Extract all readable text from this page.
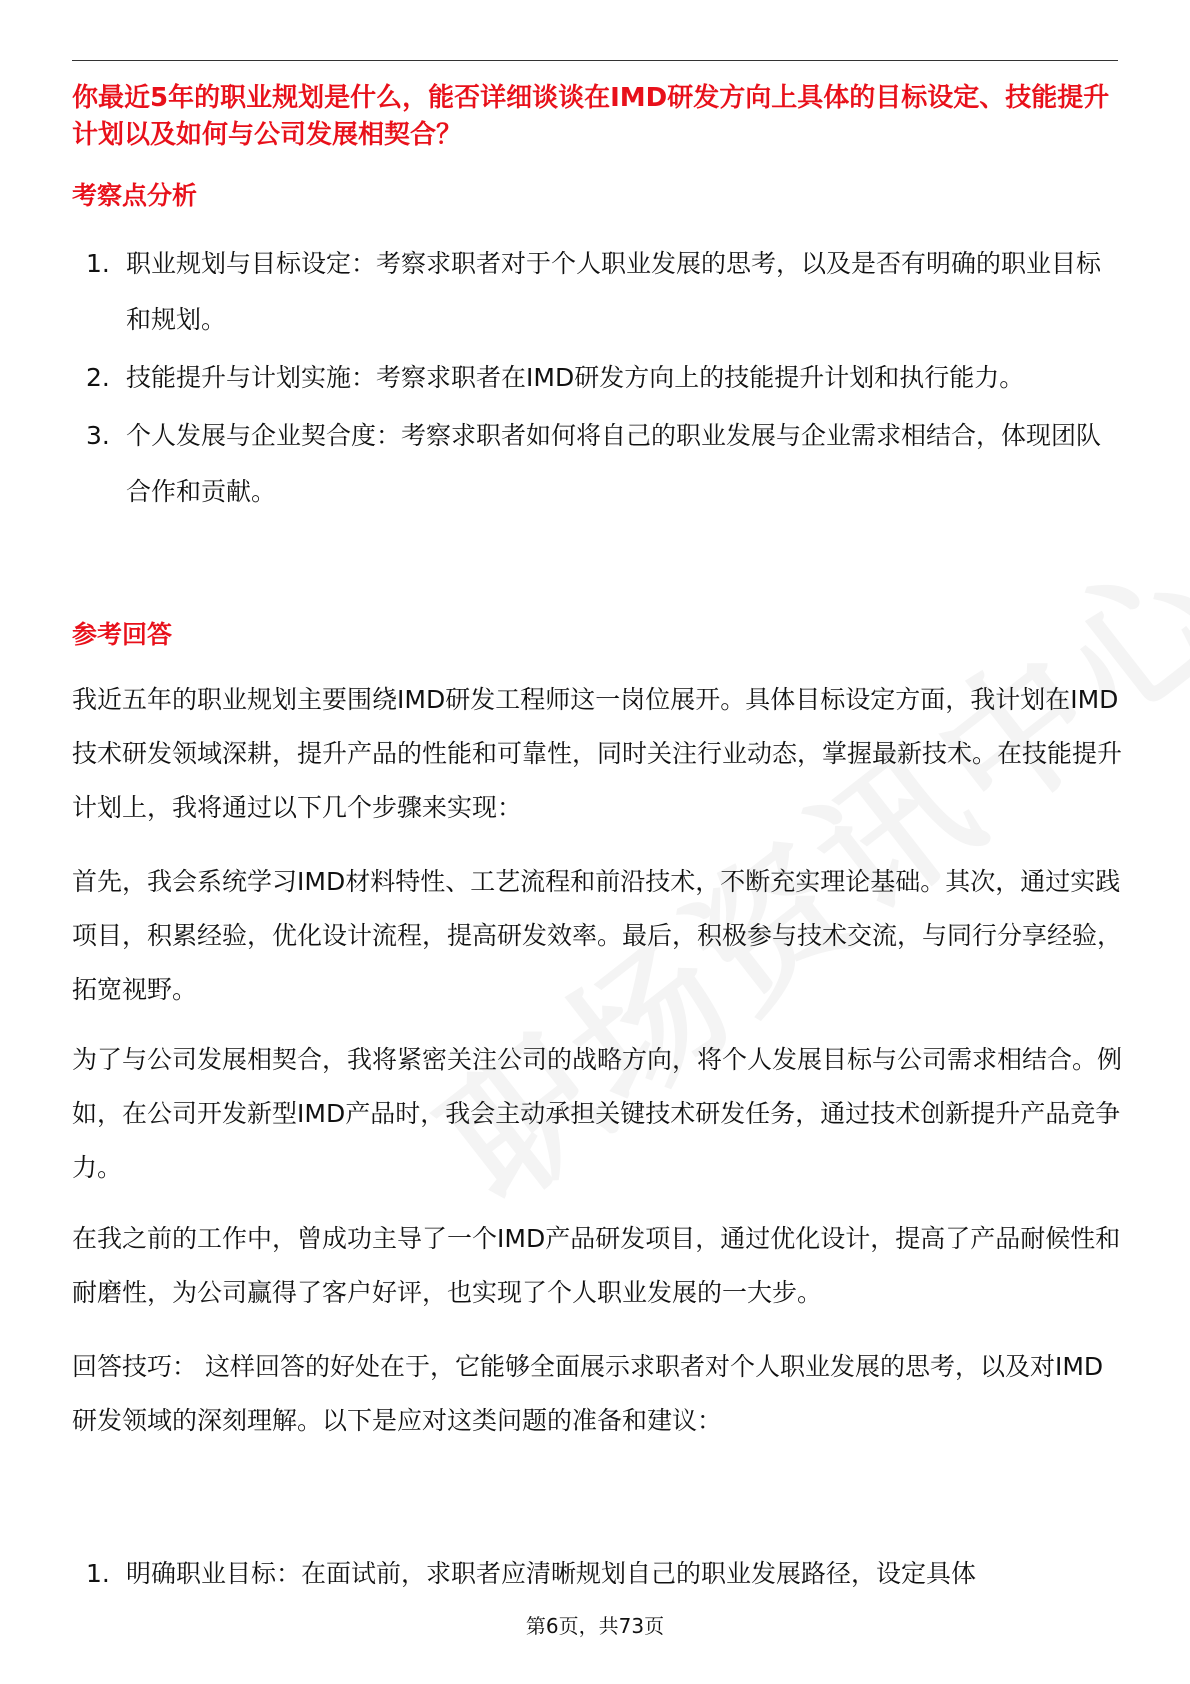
你最近5年的职业规划是什么，能否详细谈谈在IMD研发方向上具体的目标设定、技能提升计划以及如何与公司发展相契合？
考察点分析
1. 职业规划与目标设定：考察求职者对于个人职业发展的思考，以及是否有明确的职业目标和规划。
2. 技能提升与计划实施：考察求职者在IMD研发方向上的技能提升计划和执行能力。
3. 个人发展与企业契合度：考察求职者如何将自己的职业发展与企业需求相结合，体现团队合作和贡献。
参考回答

我近五年的职业规划主要围绕IMD研发工程师这一岗位展开。具体目标设定方面，我计划在IMD技术研发领域深耕，提升产品的性能和可靠性，同时关注行业动态，掌握最新技术。在技能提升计划上，我将通过以下几个步骤来实现：

首先，我会系统学习IMD材料特性、工艺流程和前沿技术，不断充实理论基础。其次，通过实践项目，积累经验，优化设计流程，提高研发效率。最后，积极参与技术交流，与同行分享经验，拓宽视野。

为了与公司发展相契合，我将紧密关注公司的战略方向，将个人发展目标与公司需求相结合。例如，在公司开发新型IMD产品时，我会主动承担关键技术研发任务，通过技术创新提升产品竞争力。

在我之前的工作中，曾成功主导了一个IMD产品研发项目，通过优化设计，提高了产品耐候性和耐磨性，为公司赢得了客户好评，也实现了个人职业发展的一大步。

回答技巧： 这样回答的好处在于，它能够全面展示求职者对个人职业发展的思考，以及对IMD研发领域的深刻理解。以下是应对这类问题的准备和建议：

1. 明确职业目标：在面试前，求职者应清晰规划自己的职业发展路径，设定具体
第6页，共73页
